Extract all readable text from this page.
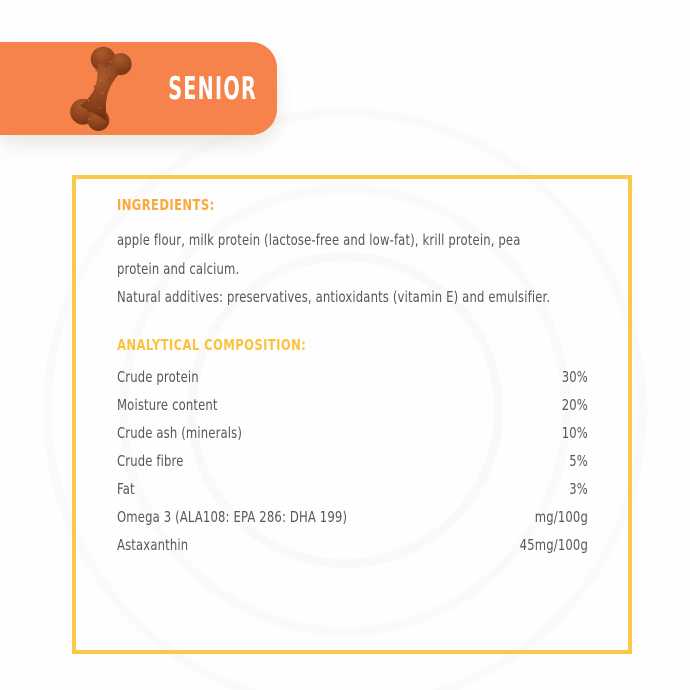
SENIOR
INGREDIENTS:
apple flour, milk protein (lactose-free and low-fat), krill protein, pea
protein and calcium.
Natural additives: preservatives, antioxidants (vitamin E) and emulsifier.
ANALYTICAL COMPOSITION:
Crude protein	30%
Moisture content	20%
Crude ash (minerals)	10%
Crude fibre	5%
Fat	3%
Omega 3 (ALA108: EPA 286: DHA 199)	mg/100g
Astaxanthin	45mg/100g
